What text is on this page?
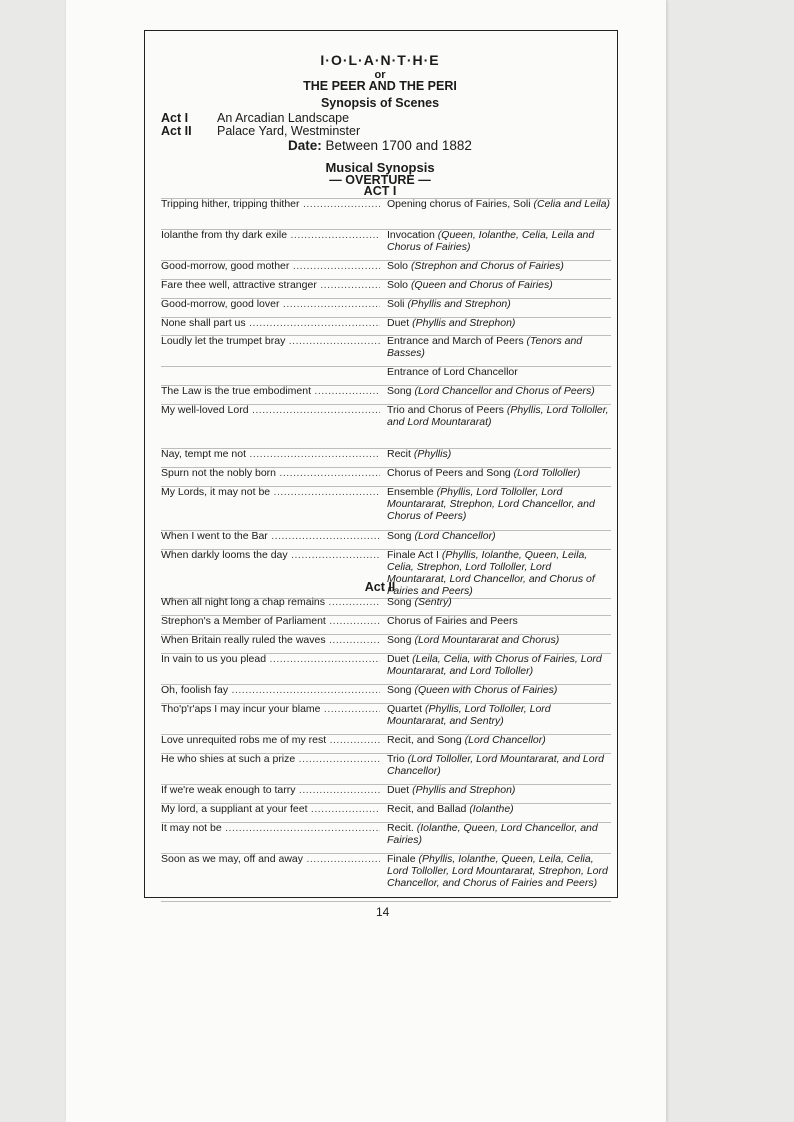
I·O·L·A·N·T·H·E
or
THE PEER AND THE PERI
Synopsis of Scenes
Act I An Arcadian Landscape
Act II Palace Yard, Westminster
Date: Between 1700 and 1882
Musical Synopsis
— OVERTURE —
ACT I
Act II
Tripping hither, tripping thither .....	Opening chorus of Fairies, Soli (Celia and Leila)
Iolanthe from thy dark exile .....	Invocation (Queen, Iolanthe, Celia, Leila and Chorus of Fairies)
Good-morrow, good mother .....	Solo (Strephon and Chorus of Fairies)
Fare thee well, attractive stranger .....	Solo (Queen and Chorus of Fairies)
Good-morrow, good lover .....	Soli (Phyllis and Strephon)
None shall part us .....	Duet (Phyllis and Strephon)
Loudly let the trumpet bray .....	Entrance and March of Peers (Tenors and Basses)
Entrance of Lord Chancellor
The Law is the true embodiment .....	Song (Lord Chancellor and Chorus of Peers)
My well-loved Lord .....	Trio and Chorus of Peers (Phyllis, Lord Tolloller, and Lord Mountararat)
Nay, tempt me not .....	Recit (Phyllis)
Spurn not the nobly born .....	Chorus of Peers and Song (Lord Tolloller)
My Lords, it may not be .....	Ensemble (Phyllis, Lord Tolloller, Lord Mountararat, Strephon, Lord Chancellor, and Chorus of Peers)
When I went to the Bar .....	Song (Lord Chancellor)
When darkly looms the day .....	Finale Act I (Phyllis, Iolanthe, Queen, Leila, Celia, Strephon, Lord Tolloller, Lord Mountararat, Lord Chancellor, and Chorus of Fairies and Peers)
When all night long a chap remains .....	Song (Sentry)
Strephon's a Member of Parliament .....	Chorus of Fairies and Peers
When Britain really ruled the waves .....	Song (Lord Mountararat and Chorus)
In vain to us you plead .....	Duet (Leila, Celia, with Chorus of Fairies, Lord Mountararat, and Lord Tolloller)
Oh, foolish fay .....	Song (Queen with Chorus of Fairies)
Tho'p'r'aps I may incur your blame .....	Quartet (Phyllis, Lord Tolloller, Lord Mountararat, and Sentry)
Love unrequited robs me of my rest .....	Recit, and Song (Lord Chancellor)
He who shies at such a prize .....	Trio (Lord Tolloller, Lord Mountararat, and Lord Chancellor)
If we're weak enough to tarry .....	Duet (Phyllis and Strephon)
My lord, a suppliant at your feet .....	Recit, and Ballad (Iolanthe)
It may not be .....	Recit. (Iolanthe, Queen, Lord Chancellor, and Fairies)
Soon as we may, off and away .....	Finale (Phyllis, Iolanthe, Queen, Leila, Celia, Lord Tolloller, Lord Mountararat, Strephon, Lord Chancellor, and Chorus of Fairies and Peers)
14
